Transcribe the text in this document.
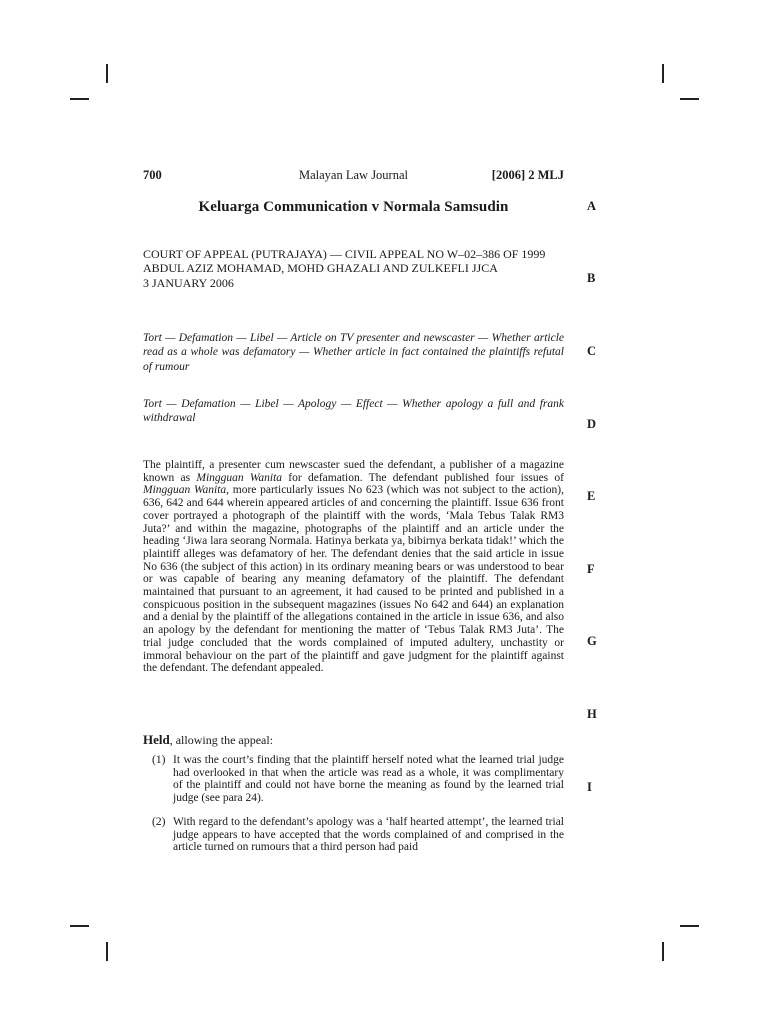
700	Malayan Law Journal	[2006] 2 MLJ
Keluarga Communication v Normala Samsudin
COURT OF APPEAL (PUTRAJAYA) — CIVIL APPEAL NO W–02–386 OF 1999
ABDUL AZIZ MOHAMAD, MOHD GHAZALI AND ZULKEFLI JJCA
3 JANUARY 2006
Tort — Defamation — Libel — Article on TV presenter and newscaster — Whether article read as a whole was defamatory — Whether article in fact contained the plaintiffs refutal of rumour
Tort — Defamation — Libel — Apology — Effect — Whether apology a full and frank withdrawal
The plaintiff, a presenter cum newscaster sued the defendant, a publisher of a magazine known as Mingguan Wanita for defamation. The defendant published four issues of Mingguan Wanita, more particularly issues No 623 (which was not subject to the action), 636, 642 and 644 wherein appeared articles of and concerning the plaintiff. Issue 636 front cover portrayed a photograph of the plaintiff with the words, ‘Mala Tebus Talak RM3 Juta?’ and within the magazine, photographs of the plaintiff and an article under the heading ‘Jiwa lara seorang Normala. Hatinya berkata ya, bibirnya berkata tidak!’ which the plaintiff alleges was defamatory of her. The defendant denies that the said article in issue No 636 (the subject of this action) in its ordinary meaning bears or was understood to bear or was capable of bearing any meaning defamatory of the plaintiff. The defendant maintained that pursuant to an agreement, it had caused to be printed and published in a conspicuous position in the subsequent magazines (issues No 642 and 644) an explanation and a denial by the plaintiff of the allegations contained in the article in issue 636, and also an apology by the defendant for mentioning the matter of ‘Tebus Talak RM3 Juta’. The trial judge concluded that the words complained of imputed adultery, unchastity or immoral behaviour on the part of the plaintiff and gave judgment for the plaintiff against the defendant. The defendant appealed.
Held, allowing the appeal:
(1) It was the court’s finding that the plaintiff herself noted what the learned trial judge had overlooked in that when the article was read as a whole, it was complimentary of the plaintiff and could not have borne the meaning as found by the learned trial judge (see para 24).
(2) With regard to the defendant’s apology was a ‘half hearted attempt’, the learned trial judge appears to have accepted that the words complained of and comprised in the article turned on rumours that a third person had paid
A
B
C
D
E
F
G
H
I
